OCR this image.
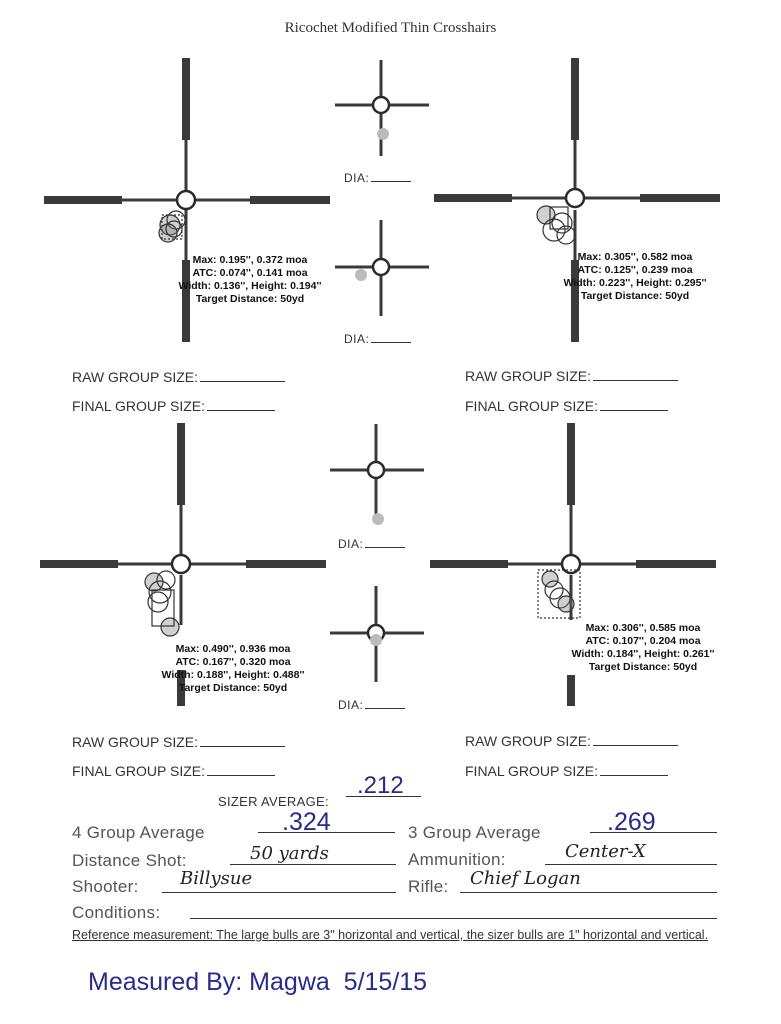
Ricochet Modified Thin Crosshairs
Max: 0.195'', 0.372 moa
ATC: 0.074'', 0.141 moa
Width: 0.136'', Height: 0.194''
Target Distance: 50yd
Max: 0.305'', 0.582 moa
ATC: 0.125'', 0.239 moa
Width: 0.223'', Height: 0.295''
Target Distance: 50yd
Max: 0.490'', 0.936 moa
ATC: 0.167'', 0.320 moa
Width: 0.188'', Height: 0.488''
Target Distance: 50yd
Max: 0.306'', 0.585 moa
ATC: 0.107'', 0.204 moa
Width: 0.184'', Height: 0.261''
Target Distance: 50yd
DIA:
DIA:
DIA:
DIA:
RAW GROUP SIZE:
FINAL GROUP SIZE:
RAW GROUP SIZE:
FINAL GROUP SIZE:
RAW GROUP SIZE:
FINAL GROUP SIZE:
RAW GROUP SIZE:
FINAL GROUP SIZE:
SIZER AVERAGE:
.212
4 Group Average	.324	3 Group Average	.269
Distance Shot:	50 yards	Ammunition:	Center-X
Shooter: Billysue	Rifle: Chief Logan
Conditions:
Reference measurement: The large bulls are 3" horizontal and vertical, the sizer bulls are 1" horizontal and vertical.
Measured By: Magwa  5/15/15
